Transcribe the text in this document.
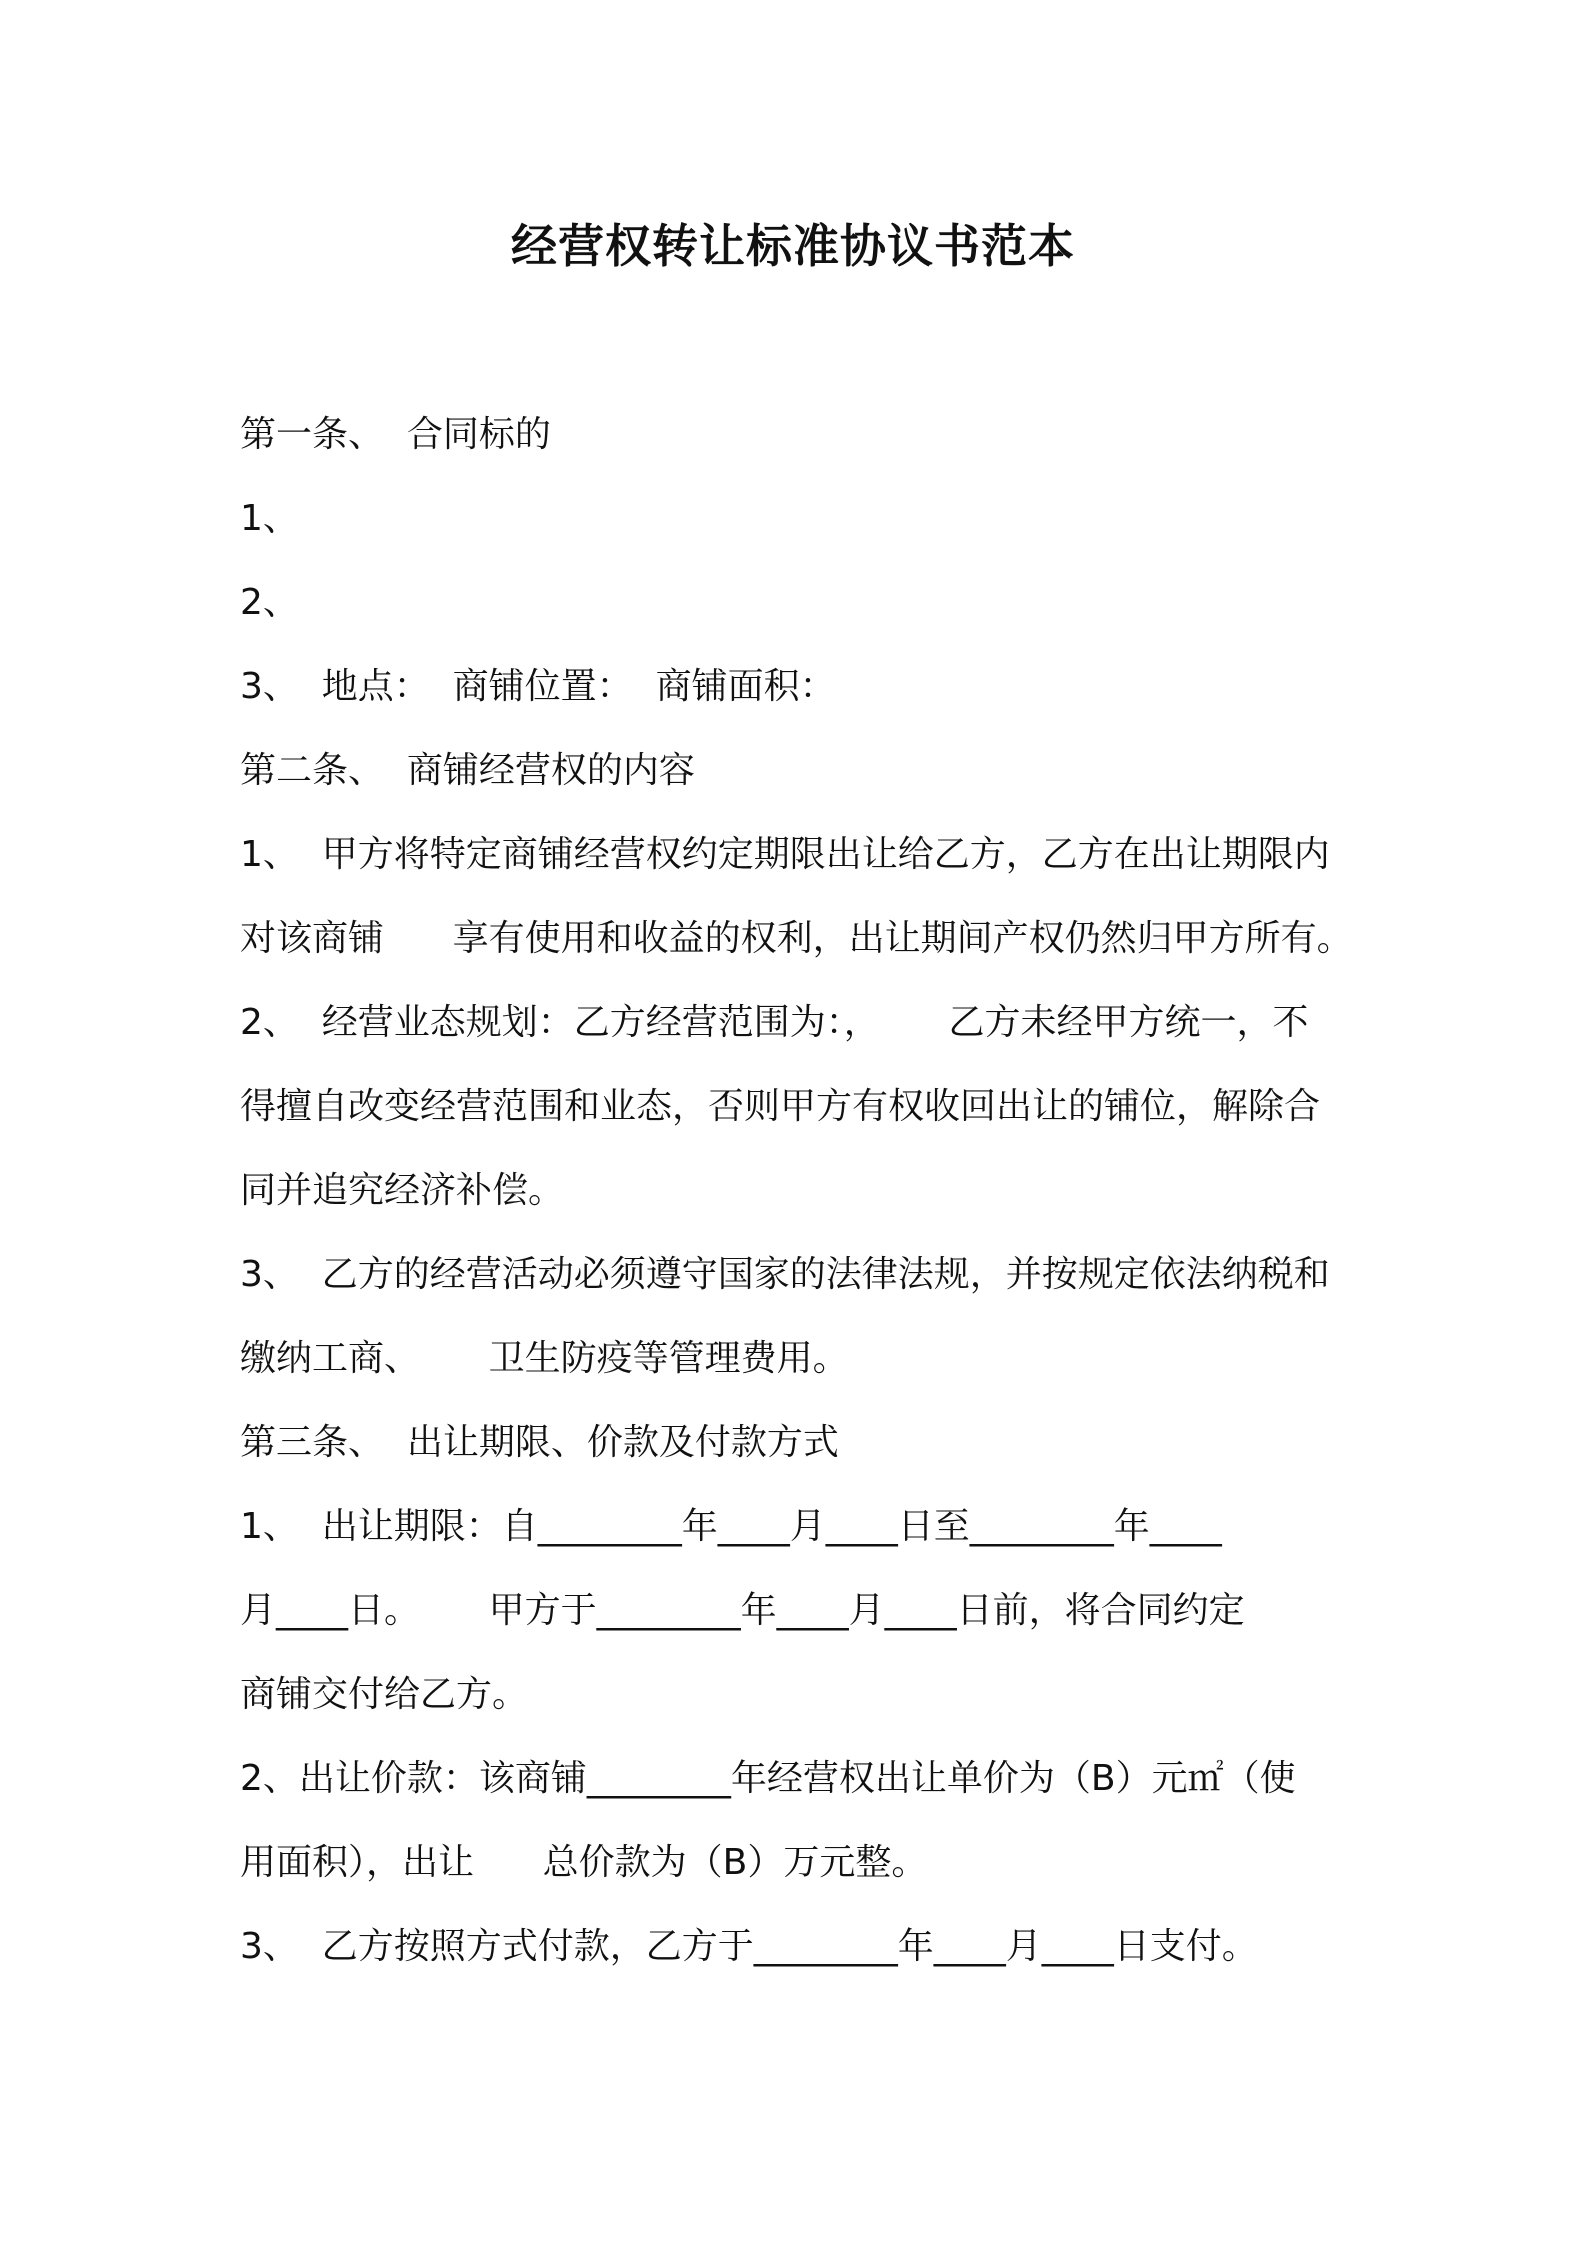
经营权转让标准协议书范本
第一条、  合同标的
1、
2、
3、  地点：  商铺位置：  商铺面积：
第二条、  商铺经营权的内容
1、  甲方将特定商铺经营权约定期限出让给乙方，乙方在出让期限内
对该商铺      享有使用和收益的权利，出让期间产权仍然归甲方所有。
2、  经营业态规划：乙方经营范围为：，      乙方未经甲方统一，不
得擅自改变经营范围和业态，否则甲方有权收回出让的铺位，解除合
同并追究经济补偿。
3、  乙方的经营活动必须遵守国家的法律法规，并按规定依法纳税和
缴纳工商、      卫生防疫等管理费用。
第三条、  出让期限、价款及付款方式
1、  出让期限：自________年____月____日至________年____
月____日。      甲方于________年____月____日前，将合同约定
商铺交付给乙方。
2、出让价款：该商铺________年经营权出让单价为（B）元㎡（使
用面积），出让      总价款为（B）万元整。
3、  乙方按照方式付款，乙方于________年____月____日支付。
